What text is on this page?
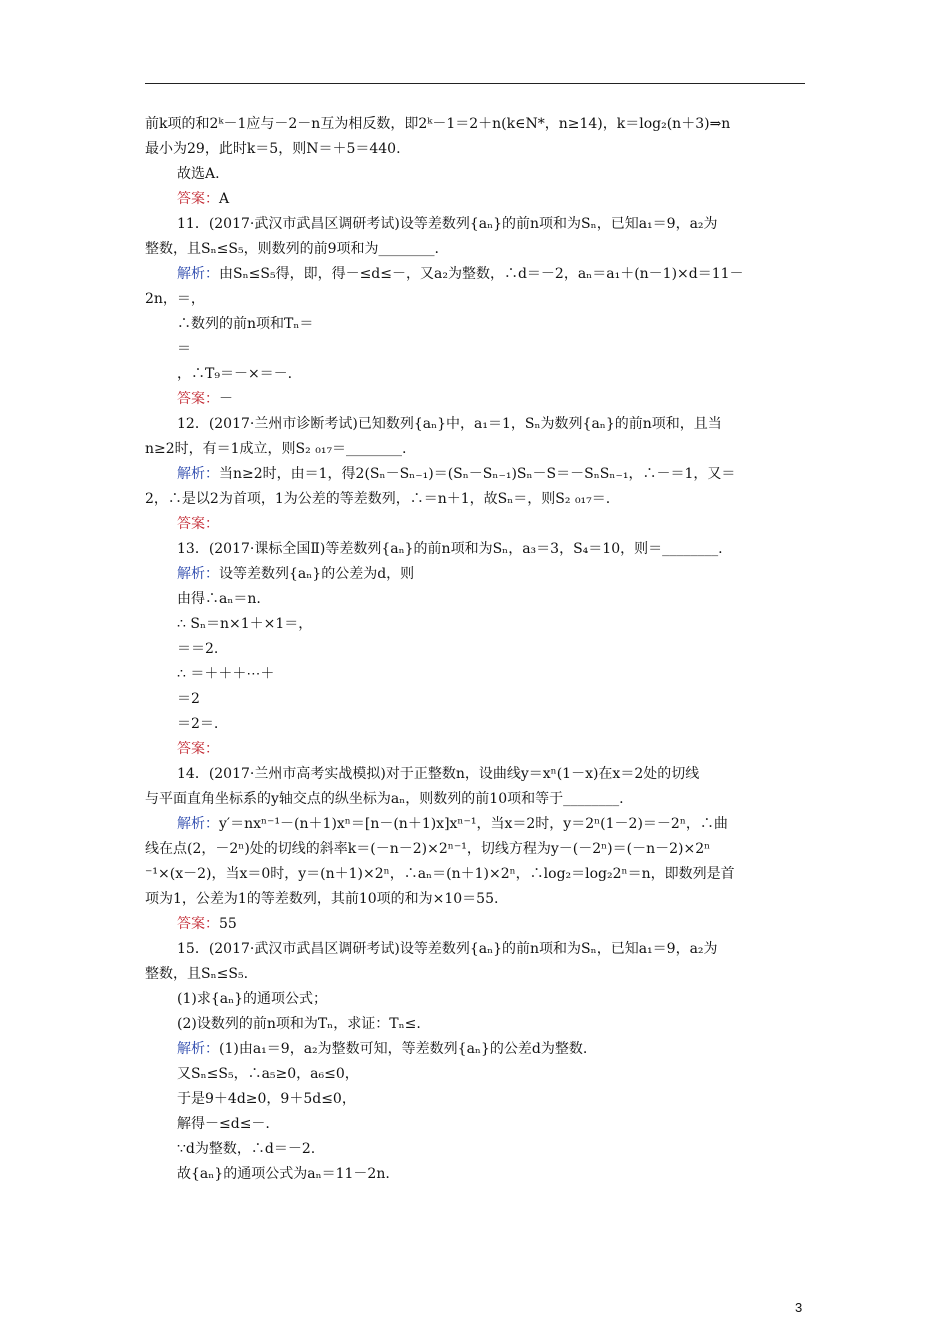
前k项的和2ᵏ－1应与－2－n互为相反数，即2ᵏ－1＝2＋n(k∈N*，n≥14)，k＝log₂(n＋3)⇒n
最小为29，此时k＝5，则N＝＋5＝440.
故选A.
答案：A
11．(2017·武汉市武昌区调研考试)设等差数列{aₙ}的前n项和为Sₙ，已知a₁＝9，a₂为
整数，且Sₙ≤S₅，则数列的前9项和为________.
解析：由Sₙ≤S₅得，即，得－≤d≤－，又a₂为整数，∴d＝－2，aₙ＝a₁＋(n－1)×d＝11－
2n，＝，
∴数列的前n项和Tₙ＝
＝
，∴T₉＝－×＝－.
答案：－
12．(2017·兰州市诊断考试)已知数列{aₙ}中，a₁＝1，Sₙ为数列{aₙ}的前n项和，且当
n≥2时，有＝1成立，则S₂ ₀₁₇＝________.
解析：当n≥2时，由＝1，得2(Sₙ－Sₙ₋₁)＝(Sₙ－Sₙ₋₁)Sₙ－S＝－SₙSₙ₋₁，∴－＝1，又＝
2，∴是以2为首项，1为公差的等差数列，∴＝n＋1，故Sₙ＝，则S₂ ₀₁₇＝.
答案：
13．(2017·课标全国Ⅱ)等差数列{aₙ}的前n项和为Sₙ，a₃＝3，S₄＝10，则＝________.
解析：设等差数列{aₙ}的公差为d，则
由得∴aₙ＝n.
∴ Sₙ＝n×1＋×1＝，
＝＝2.
∴ ＝＋＋＋⋯＋
＝2
＝2＝.
答案：
14．(2017·兰州市高考实战模拟)对于正整数n，设曲线y＝xⁿ(1－x)在x＝2处的切线
与平面直角坐标系的y轴交点的纵坐标为aₙ，则数列的前10项和等于________.
解析：y′＝nxⁿ⁻¹－(n＋1)xⁿ＝[n－(n＋1)x]xⁿ⁻¹，当x＝2时，y＝2ⁿ(1－2)＝－2ⁿ，∴曲
线在点(2，－2ⁿ)处的切线的斜率k＝(－n－2)×2ⁿ⁻¹，切线方程为y－(－2ⁿ)＝(－n－2)×2ⁿ
⁻¹×(x－2)，当x＝0时，y＝(n＋1)×2ⁿ，∴aₙ＝(n＋1)×2ⁿ，∴log₂＝log₂2ⁿ＝n，即数列是首
项为1，公差为1的等差数列，其前10项的和为×10＝55.
答案：55
15．(2017·武汉市武昌区调研考试)设等差数列{aₙ}的前n项和为Sₙ，已知a₁＝9，a₂为
整数，且Sₙ≤S₅.
(1)求{aₙ}的通项公式；
(2)设数列的前n项和为Tₙ，求证：Tₙ≤.
解析：(1)由a₁＝9，a₂为整数可知，等差数列{aₙ}的公差d为整数.
又Sₙ≤S₅，∴a₅≥0，a₆≤0，
于是9＋4d≥0，9＋5d≤0，
解得－≤d≤－.
∵d为整数，∴d＝－2.
故{aₙ}的通项公式为aₙ＝11－2n.
3
